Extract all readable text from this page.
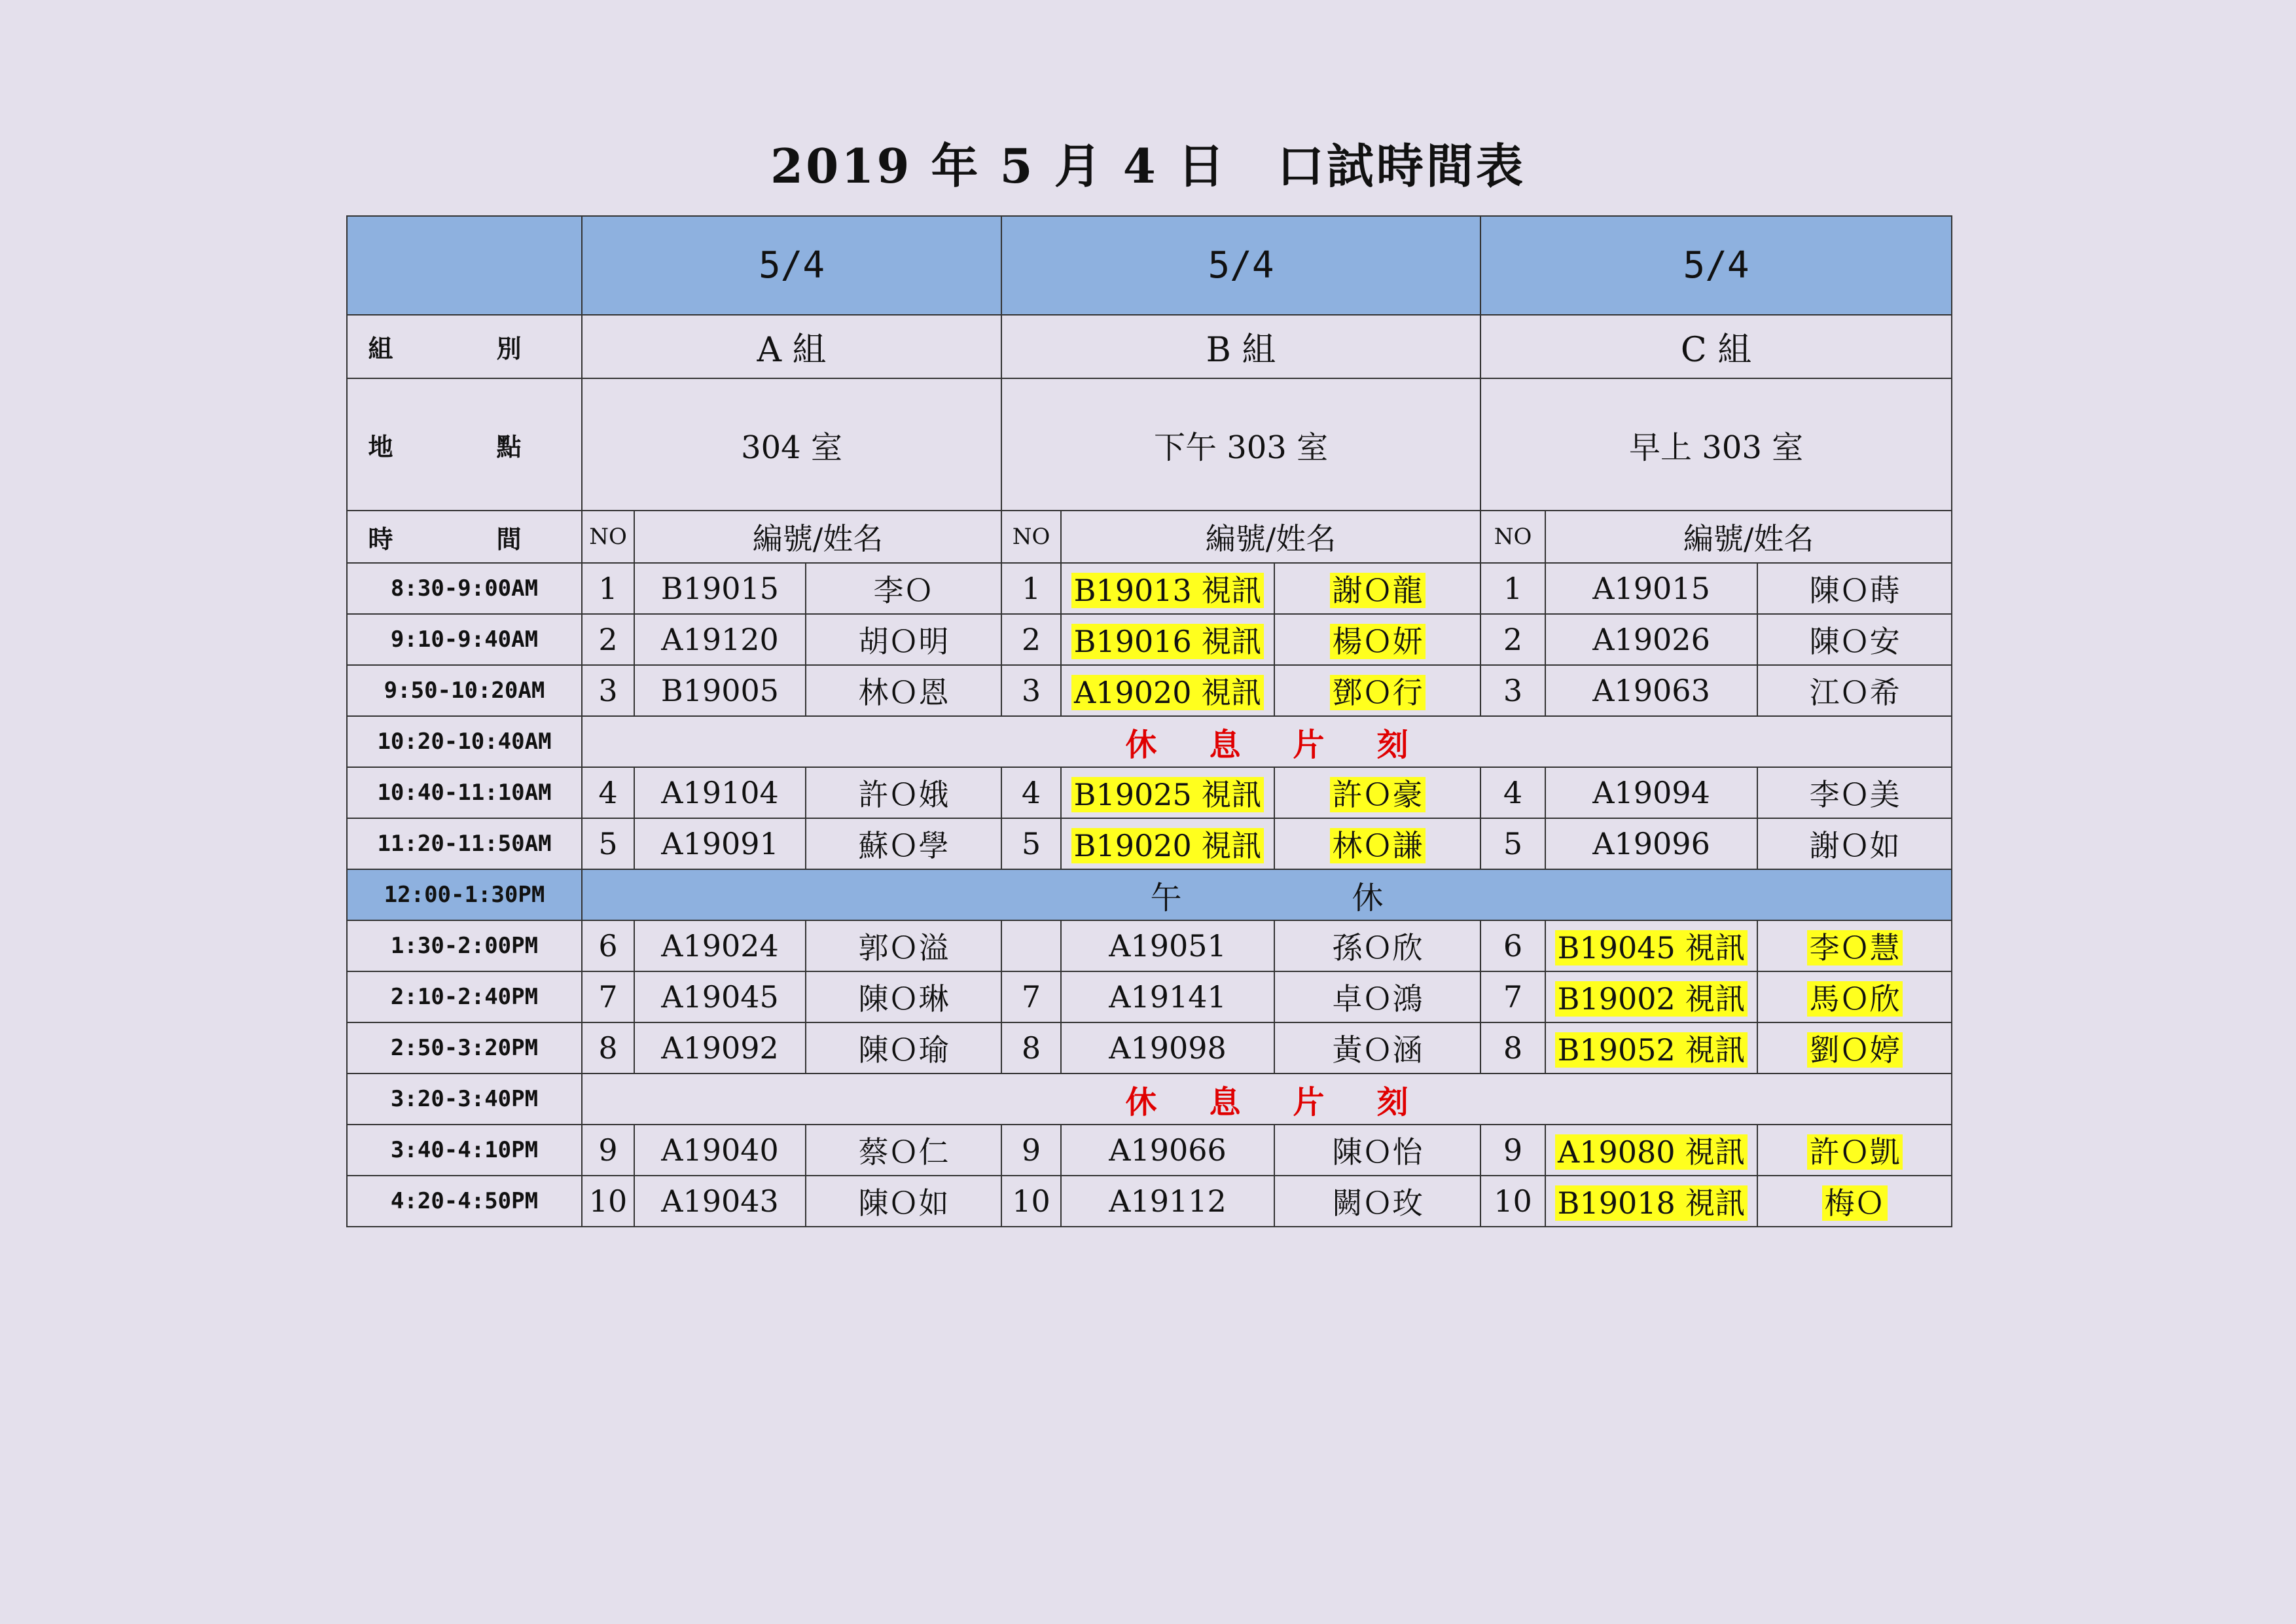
2019 年 5 月 4 日　口試時間表
	5/4			5/4			5/4		
組　別	A 組			B 組			C 組		
地　點	304 室			下午 303 室			早上 303 室		
時　間	NO	編號/姓名		NO	編號/姓名		NO	編號/姓名	
8:30-9:00AM	1	B19015	李Ｏ	1	B19013 視訊	謝Ｏ龍	1	A19015	陳Ｏ蒔
9:10-9:40AM	2	A19120	胡Ｏ明	2	B19016 視訊	楊Ｏ妍	2	A19026	陳Ｏ安
9:50-10:20AM	3	B19005	林Ｏ恩	3	A19020 視訊	鄧Ｏ行	3	A19063	江Ｏ希
10:20-10:40AM	休 息 片 刻								
10:40-11:10AM	4	A19104	許Ｏ娥	4	B19025 視訊	許Ｏ豪	4	A19094	李Ｏ美
11:20-11:50AM	5	A19091	蘇Ｏ學	5	B19020 視訊	林Ｏ謙	5	A19096	謝Ｏ如
12:00-1:30PM	午 休								
1:30-2:00PM	6	A19024	郭Ｏ溢		A19051	孫Ｏ欣	6	B19045 視訊	李Ｏ慧
2:10-2:40PM	7	A19045	陳Ｏ琳	7	A19141	卓Ｏ鴻	7	B19002 視訊	馬Ｏ欣
2:50-3:20PM	8	A19092	陳Ｏ瑜	8	A19098	黃Ｏ涵	8	B19052 視訊	劉Ｏ婷
3:20-3:40PM	休 息 片 刻								
3:40-4:10PM	9	A19040	蔡Ｏ仁	9	A19066	陳Ｏ怡	9	A19080 視訊	許Ｏ凱
4:20-4:50PM	10	A19043	陳Ｏ如	10	A19112	闕Ｏ玫	10	B19018 視訊	梅Ｏ
